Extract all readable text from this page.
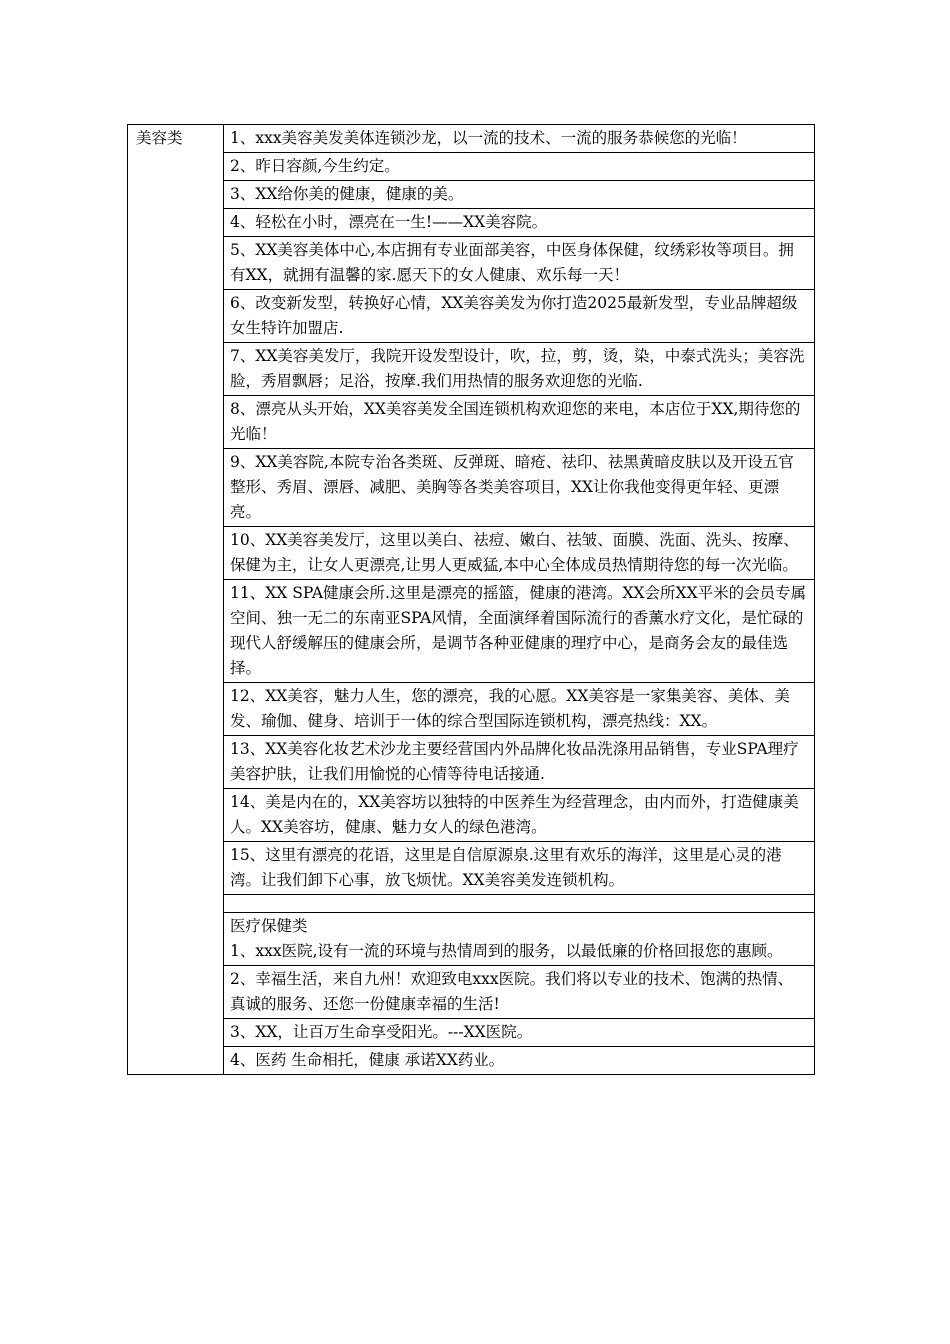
美容类	1、xxx美容美发美体连锁沙龙，以一流的技术、一流的服务恭候您的光临！
2、昨日容颜,今生约定。
3、XX给你美的健康，健康的美。
4、轻松在小时，漂亮在一生!——XX美容院。
5、XX美容美体中心,本店拥有专业面部美容，中医身体保健，纹绣彩妆等项目。拥有XX，就拥有温馨的家.愿天下的女人健康、欢乐每一天！
6、改变新发型，转换好心情，XX美容美发为你打造2025最新发型，专业品牌超级女生特许加盟店.
7、XX美容美发厅，我院开设发型设计，吹，拉，剪，烫，染，中泰式洗头；美容洗脸，秀眉飘唇；足浴，按摩.我们用热情的服务欢迎您的光临.
8、漂亮从头开始，XX美容美发全国连锁机构欢迎您的来电，本店位于XX,期待您的光临！
9、XX美容院,本院专治各类斑、反弹斑、暗疮、祛印、祛黑黄暗皮肤以及开设五官整形、秀眉、漂唇、减肥、美胸等各类美容项目，XX让你我他变得更年轻、更漂亮。
10、XX美容美发厅，这里以美白、祛痘、嫩白、祛皱、面膜、洗面、洗头、按摩、保健为主，让女人更漂亮,让男人更威猛,本中心全体成员热情期待您的每一次光临。
11、XX SPA健康会所.这里是漂亮的摇篮，健康的港湾。XX会所XX平米的会员专属空间、独一无二的东南亚SPA风情，全面演绎着国际流行的香薰水疗文化，是忙碌的现代人舒缓解压的健康会所，是调节各种亚健康的理疗中心，是商务会友的最佳选择。
12、XX美容，魅力人生，您的漂亮，我的心愿。XX美容是一家集美容、美体、美发、瑜伽、健身、培训于一体的综合型国际连锁机构，漂亮热线：XX。
13、XX美容化妆艺术沙龙主要经营国内外品牌化妆品洗涤用品销售，专业SPA理疗美容护肤，让我们用愉悦的心情等待电话接通.
14、美是内在的，XX美容坊以独特的中医养生为经营理念，由内而外，打造健康美人。XX美容坊，健康、魅力女人的绿色港湾。
15、这里有漂亮的花语，这里是自信原源泉.这里有欢乐的海洋，这里是心灵的港湾。让我们卸下心事，放飞烦忧。XX美容美发连锁机构。

医疗保健类
1、xxx医院,设有一流的环境与热情周到的服务，以最低廉的价格回报您的惠顾。
2、幸福生活，来自九州！欢迎致电xxx医院。我们将以专业的技术、饱满的热情、真诚的服务、还您一份健康幸福的生活!
3、XX，让百万生命享受阳光。---XX医院。
4、医药 生命相托，健康 承诺XX药业。
